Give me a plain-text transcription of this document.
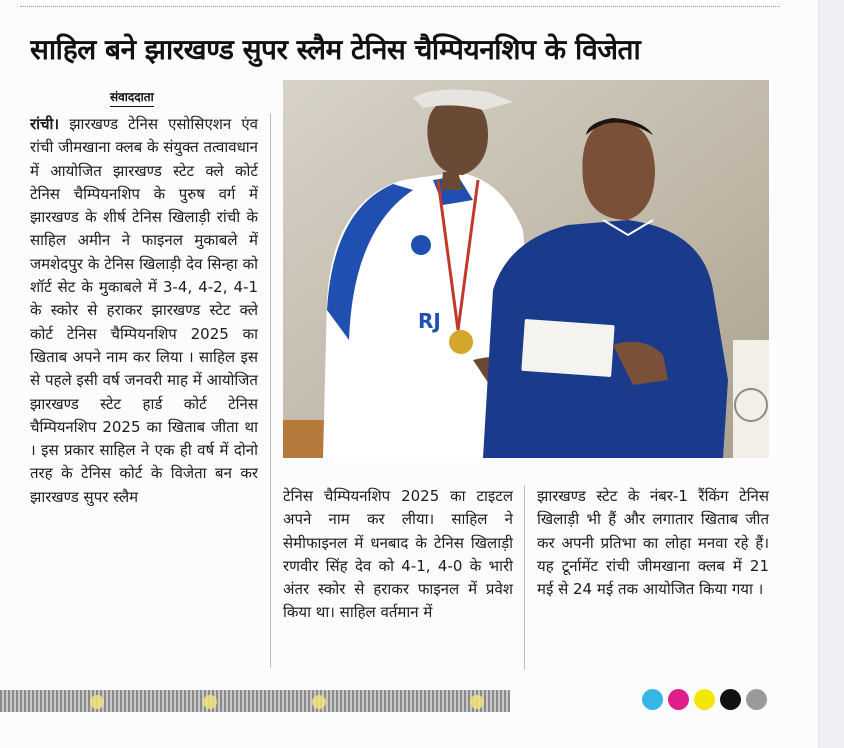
साहिल बने झारखण्ड सुपर स्लैम टेनिस चैम्पियनशिप के विजेता
संवाददाता
रांची। झारखण्ड टेनिस एसोसिएशन एंव रांची जीमखाना क्लब के संयुक्त तत्वावधान में आयोजित झारखण्ड स्टेट क्ले कोर्ट टेनिस चैम्पियनशिप के पुरुष वर्ग में झारखण्ड के शीर्ष टेनिस खिलाड़ी रांची के साहिल अमीन ने फाइनल मुकाबले में जमशेदपुर के टेनिस खिलाड़ी देव सिन्हा को शॉर्ट सेट के मुकाबले में 3-4, 4-2, 4-1 के स्कोर से हराकर झारखण्ड स्टेट क्ले कोर्ट टेनिस चैम्पियनशिप 2025 का खिताब अपने नाम कर लिया । साहिल इस से पहले इसी वर्ष जनवरी माह में आयोजित झारखण्ड स्टेट हार्ड कोर्ट टेनिस चैम्पियनशिप 2025 का खिताब जीता था । इस प्रकार साहिल ने एक ही वर्ष में दोनो तरह के टेनिस कोर्ट के विजेता बन कर झारखण्ड सुपर स्लैम	टेनिस चैम्पियनशिप 2025 का टाइटल अपने नाम कर लीया। साहिल ने सेमीफाइनल में धनबाद के टेनिस खिलाड़ी रणवीर सिंह देव को 4-1, 4-0 के भारी अंतर स्कोर से हराकर फाइनल में प्रवेश किया था। साहिल वर्तमान में
झारखण्ड स्टेट के नंबर-1 रैंकिंग टेनिस खिलाड़ी भी हैं और लगातार खिताब जीत कर अपनी प्रतिभा का लोहा मनवा रहे हैं। यह टूर्नामेंट रांची जीमखाना क्लब में 21 मई से 24 मई तक आयोजित किया गया ।
RJ
